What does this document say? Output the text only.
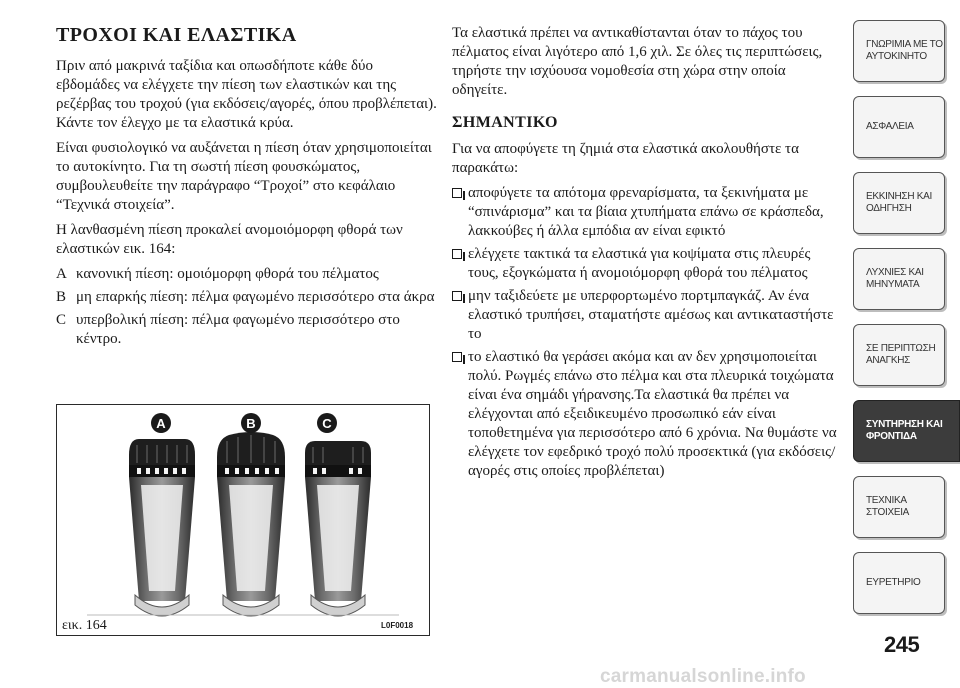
ΤΡΟΧΟΙ ΚΑΙ ΕΛΑΣΤΙΚΑ

Πριν από μακρινά ταξίδια και οπωσδήποτε κάθε δύο εβδομάδες να ελέγχετε την πίεση των ελαστικών και της ρεζέρβας του τροχού (για εκδόσεις/αγορές, όπου προβλέπεται). Κάντε τον έλεγχο με τα ελαστικά κρύα.

Είναι φυσιολογικό να αυξάνεται η πίεση όταν χρησιμοποιείται το αυτοκίνητο. Για τη σωστή πίεση φουσκώματος, συμβουλευθείτε την παράγραφο “Τροχοί” στο κεφάλαιο “Τεχνικά στοιχεία”.

Η λανθασμένη πίεση προκαλεί ανομοιόμορφη φθορά των ελαστικών εικ. 164:

A κανονική πίεση: ομοιόμορφη φθορά του πέλματος
B μη επαρκής πίεση: πέλμα φαγωμένο περισσότερο στα άκρα
C υπερβολική πίεση: πέλμα φαγωμένο περισσότερο στο κέντρο.
A	B	C
εικ. 164	L0F0018

Τα ελαστικά πρέπει να αντικαθίστανται όταν το πάχος του πέλματος είναι λιγότερο από 1,6 χιλ. Σε όλες τις περιπτώσεις, τηρήστε την ισχύουσα νομοθεσία στη χώρα στην οποία οδηγείτε.

ΣΗΜΑΝΤΙΚΟ

Για να αποφύγετε τη ζημιά στα ελαστικά ακολουθήστε τα παρακάτω:

αποφύγετε τα απότομα φρεναρίσματα, τα ξεκινήματα με “σπινάρισμα” και τα βίαια χτυπήματα επάνω σε κράσπεδα, λακκούβες ή άλλα εμπόδια αν είναι εφικτό
ελέγχετε τακτικά τα ελαστικά για κοψίματα στις πλευρές τους, εξογκώματα ή ανομοιόμορφη φθορά του πέλματος
μην ταξιδεύετε με υπερφορτωμένο πορτμπαγκάζ. Αν ένα ελαστικό τρυπήσει, σταματήστε αμέσως και αντικαταστήστε το
το ελαστικό θα γεράσει ακόμα και αν δεν χρησιμοποιείται πολύ. Ρωγμές επάνω στο πέλμα και στα πλευρικά τοιχώματα είναι ένα σημάδι γήρανσης.Τα ελαστικά θα πρέπει να ελέγχονται από εξειδικευμένο προσωπικό εάν είναι τοποθετημένα για περισσότερο από 6 χρόνια. Να θυμάστε να ελέγχετε τον εφεδρικό τροχό πολύ προσεκτικά (για εκδόσεις/αγορές στις οποίες προβλέπεται)
ΓΝΩΡΙΜΙΑ ΜΕ ΤΟ ΑΥΤΟΚΙΝΗΤΟ
ΑΣΦΑΛΕΙΑ
ΕΚΚΙΝΗΣΗ ΚΑΙ ΟΔΗΓΗΣΗ
ΛΥΧΝΙΕΣ ΚΑΙ ΜΗΝΥΜΑΤΑ
ΣΕ ΠΕΡΙΠΤΩΣΗ ΑΝΑΓΚΗΣ
ΣΥΝΤΗΡΗΣΗ ΚΑΙ ΦΡΟΝΤΙΔΑ
ΤΕΧΝΙΚΑ ΣΤΟΙΧΕΙΑ
ΕΥΡΕΤΗΡΙΟ
245
carmanualsonline.info
